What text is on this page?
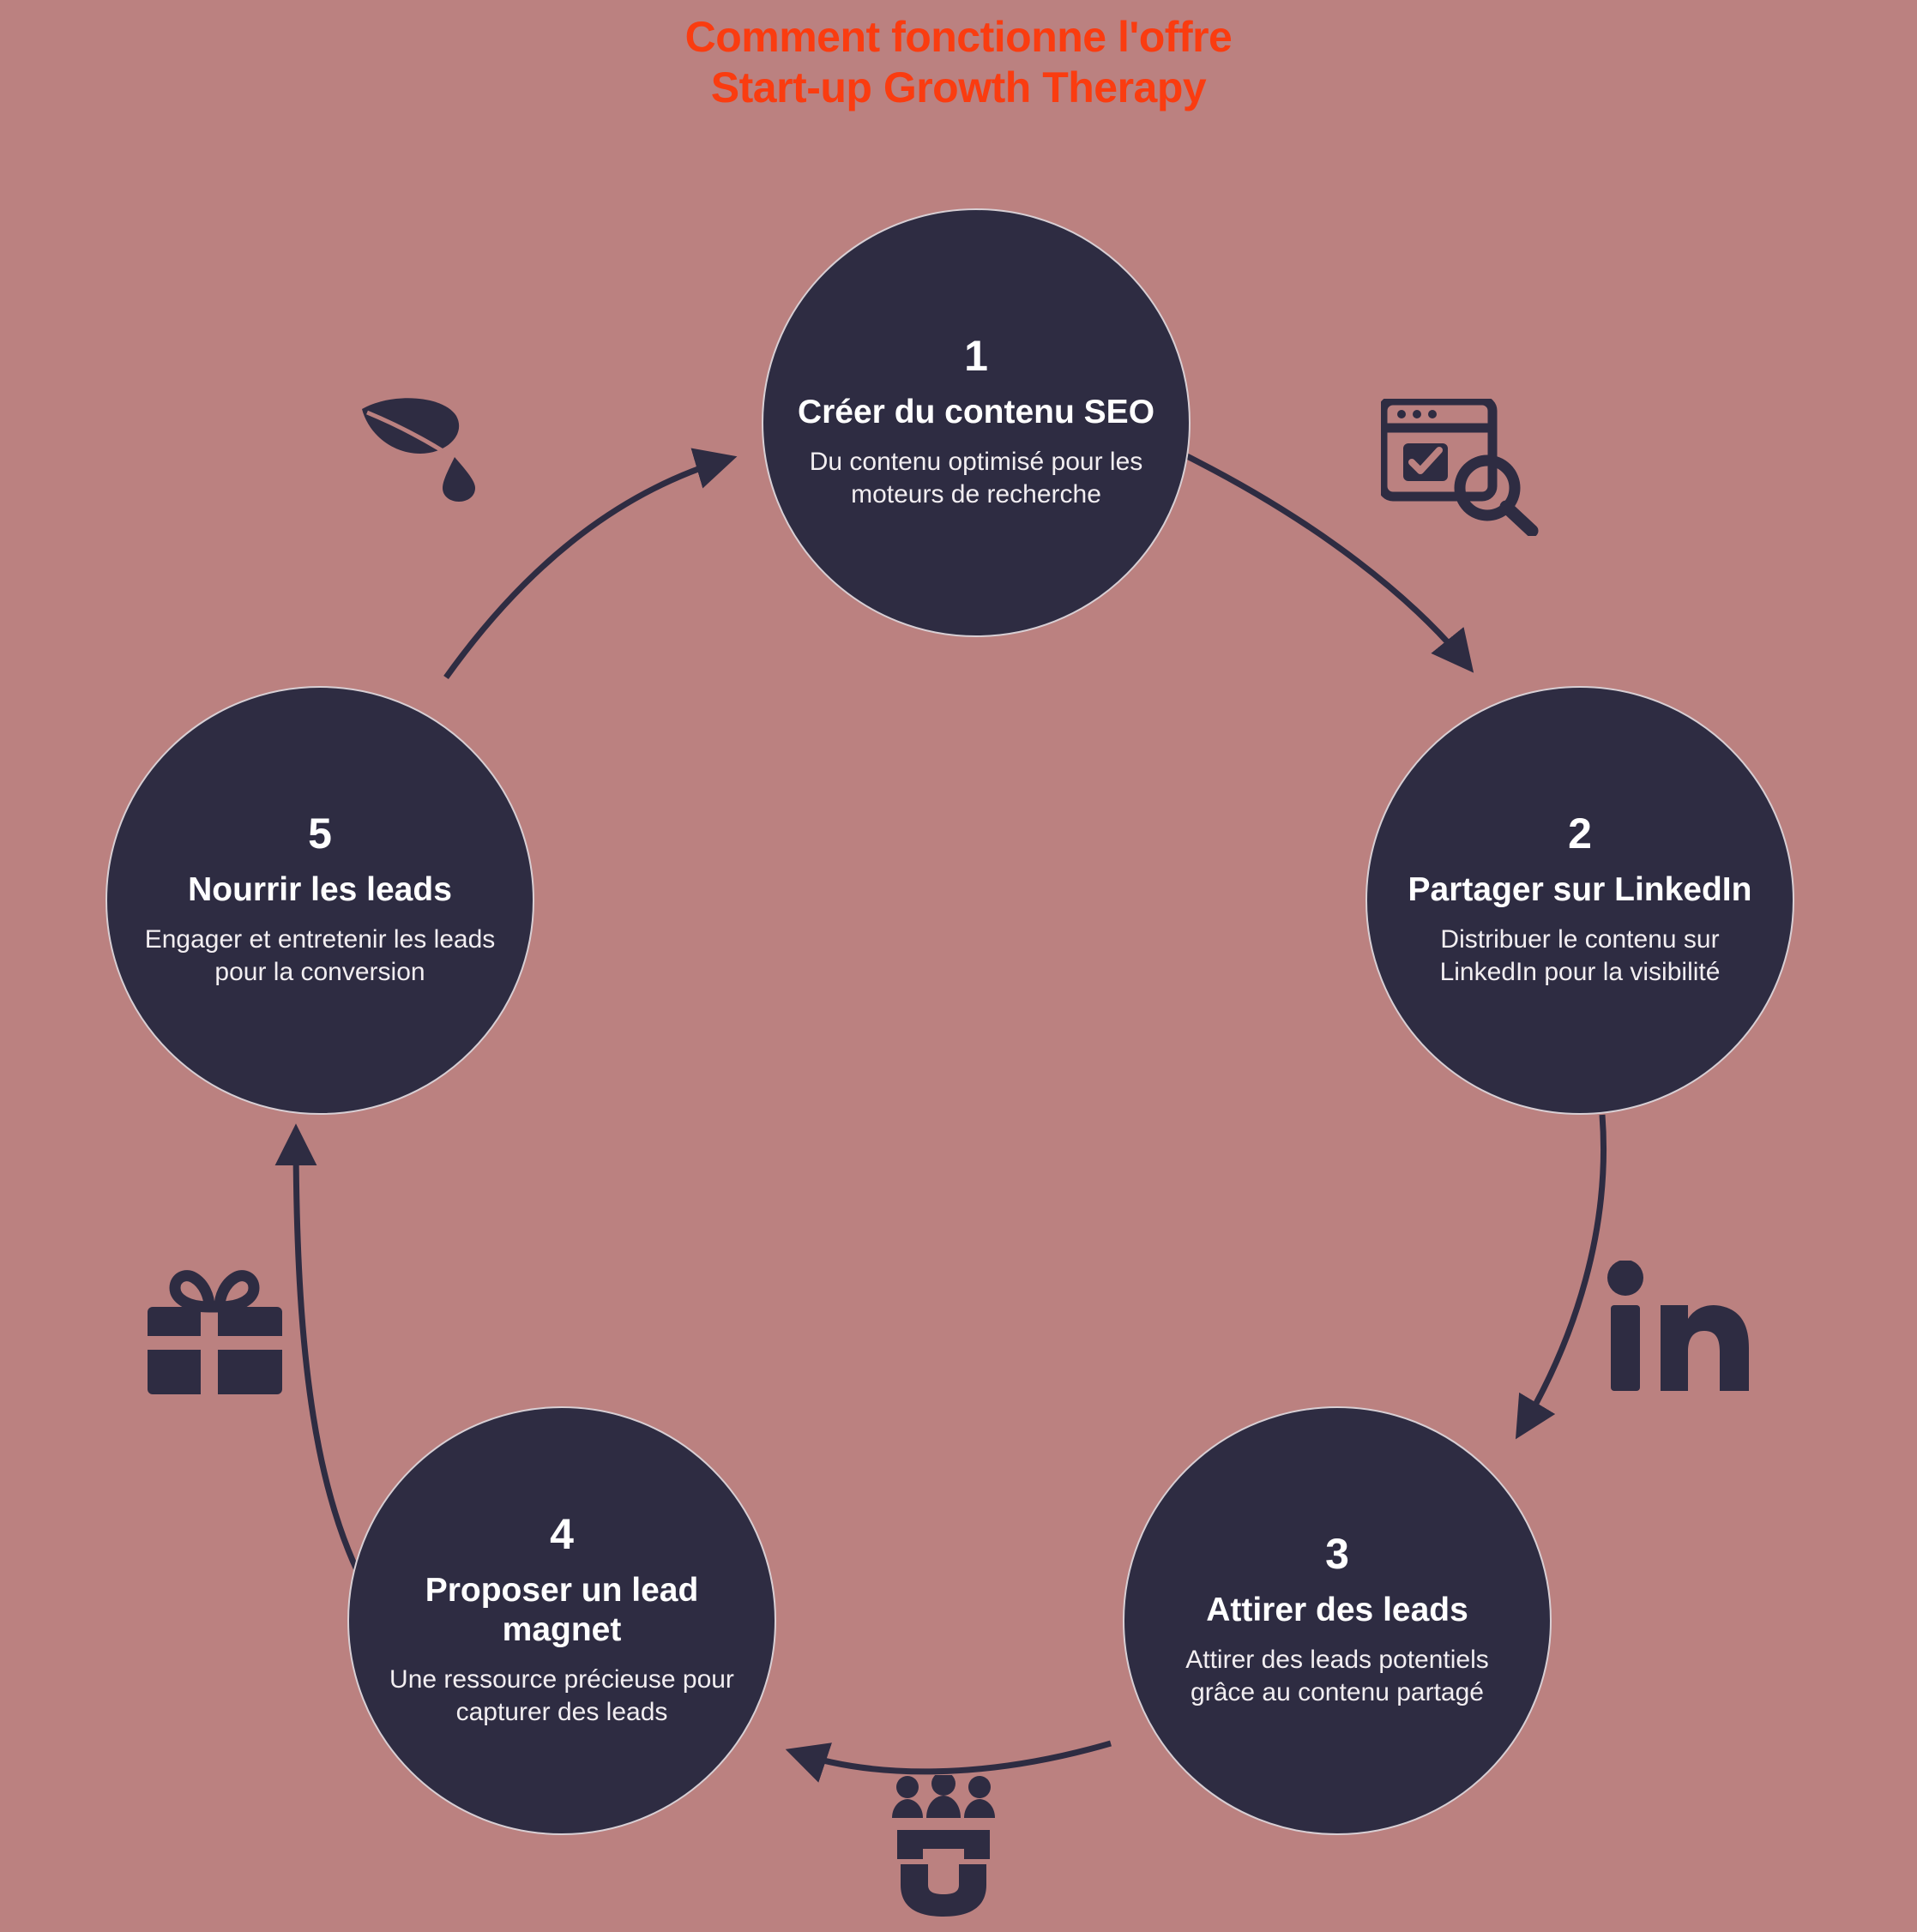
Comment fonctionne l'offre
Start-up Growth Therapy
1
Créer du contenu SEO
Du contenu optimisé pour les moteurs de recherche
2
Partager sur LinkedIn
Distribuer le contenu sur LinkedIn pour la visibilité
3
Attirer des leads
Attirer des leads potentiels grâce au contenu partagé
4
Proposer un lead magnet
Une ressource précieuse pour capturer des leads
5
Nourrir les leads
Engager et entretenir les leads pour la conversion
